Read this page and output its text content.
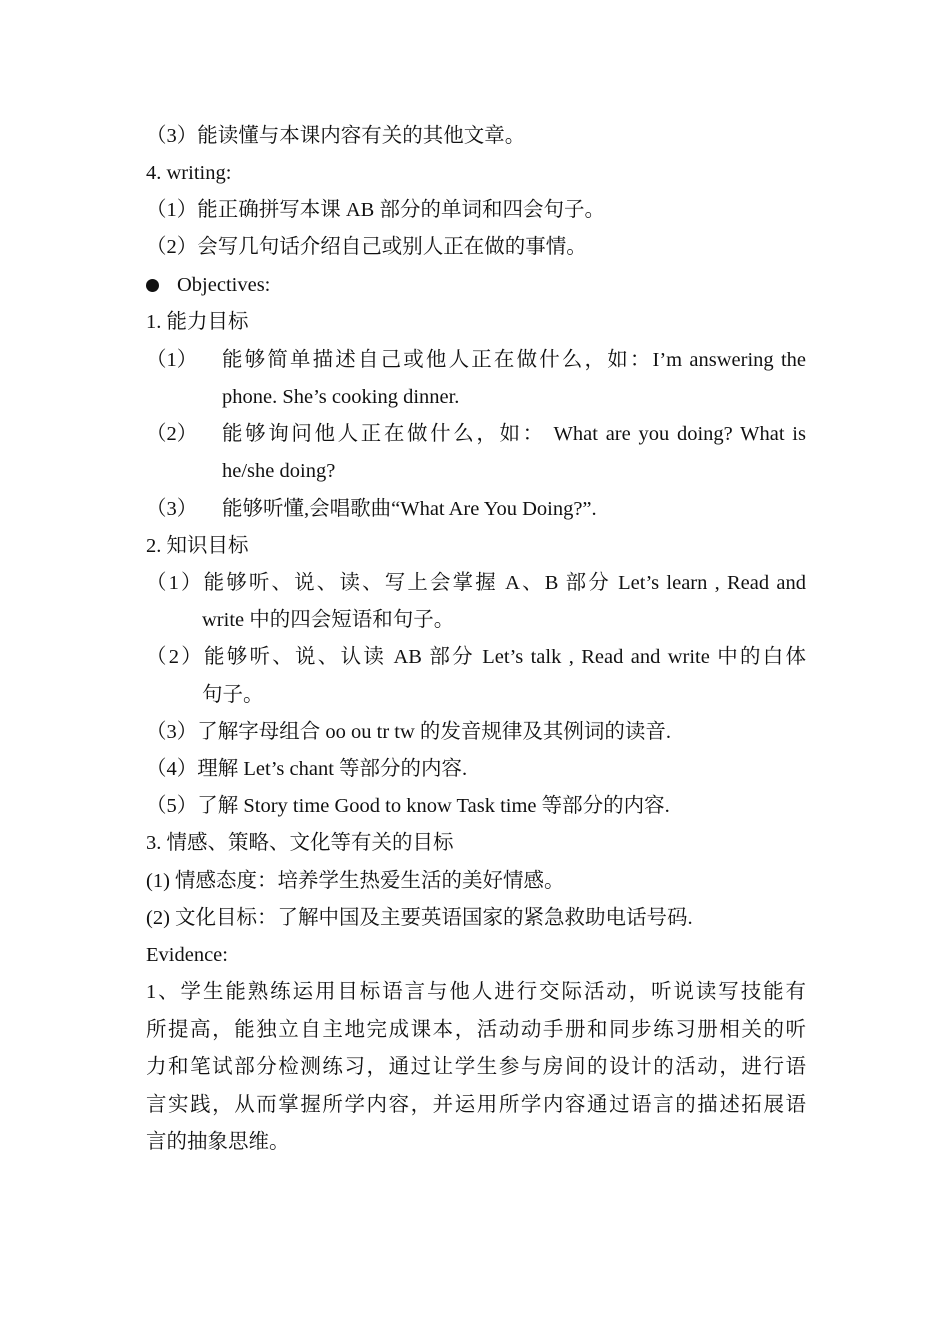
（3）能读懂与本课内容有关的其他文章。
4. writing:
（1）能正确拼写本课 AB 部分的单词和四会句子。
（2）会写几句话介绍自己或别人正在做的事情。
Objectives:
1. 能力目标
（1） 能够简单描述自己或他人正在做什么，如：I’m answering the
phone. She’s cooking dinner.
（2） 能够询问他人正在做什么，如： What are you doing? What is
he/she doing?
（3） 能够听懂,会唱歌曲“What Are You Doing?”.
2. 知识目标
（1）能够听、说、读、写上会掌握 A、B 部分 Let’s learn , Read and
write 中的四会短语和句子。
（2）能够听、说、认读 AB 部分 Let’s talk , Read and write 中的白体
句子。
（3）了解字母组合 oo ou tr tw 的发音规律及其例词的读音.
（4）理解 Let’s chant 等部分的内容.
（5）了解 Story time Good to know Task time 等部分的内容.
3. 情感、策略、文化等有关的目标
(1) 情感态度：培养学生热爱生活的美好情感。
(2) 文化目标：了解中国及主要英语国家的紧急救助电话号码.
Evidence:
1、学生能熟练运用目标语言与他人进行交际活动，听说读写技能有
所提高，能独立自主地完成课本，活动动手册和同步练习册相关的听
力和笔试部分检测练习，通过让学生参与房间的设计的活动，进行语
言实践，从而掌握所学内容，并运用所学内容通过语言的描述拓展语
言的抽象思维。
